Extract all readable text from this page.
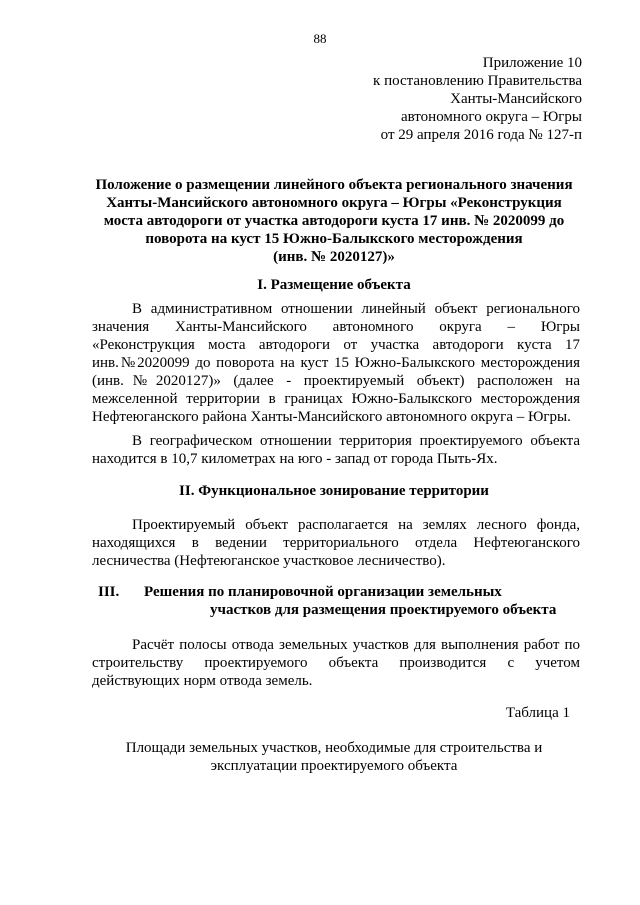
88
Приложение 10
к постановлению Правительства
Ханты-Мансийского
автономного округа – Югры
от 29 апреля 2016 года № 127-п
Положение о размещении линейного объекта регионального значения
Ханты-Мансийского автономного округа – Югры «Реконструкция
моста автодороги от участка автодороги куста 17 инв. № 2020099 до
поворота на куст 15 Южно-Балыкского месторождения
(инв. № 2020127)»
I. Размещение объекта
В административном отношении линейный объект регионального
значения Ханты-Мансийского автономного округа – Югры
«Реконструкция моста автодороги от участка автодороги куста 17
инв.№2020099 до поворота на куст 15 Южно-Балыкского месторождения
(инв.№2020127)» (далее - проектируемый объект) расположен на
межселенной территории в границах Южно-Балыкского месторождения
Нефтеюганского района Ханты-Мансийского автономного округа – Югры.
В географическом отношении территория проектируемого объекта
находится в 10,7 километрах на юго - запад от города Пыть-Ях.
II. Функциональное зонирование территории
Проектируемый объект располагается на землях лесного фонда,
находящихся в ведении территориального отдела Нефтеюганского
лесничества (Нефтеюганское участковое лесничество).
III. Решения по планировочной организации земельных
участков для размещения проектируемого объекта
Расчёт полосы отвода земельных участков для выполнения работ по
строительству проектируемого объекта производится с учетом
действующих норм отвода земель.
Таблица 1
Площади земельных участков, необходимые для строительства и
эксплуатации проектируемого объекта
